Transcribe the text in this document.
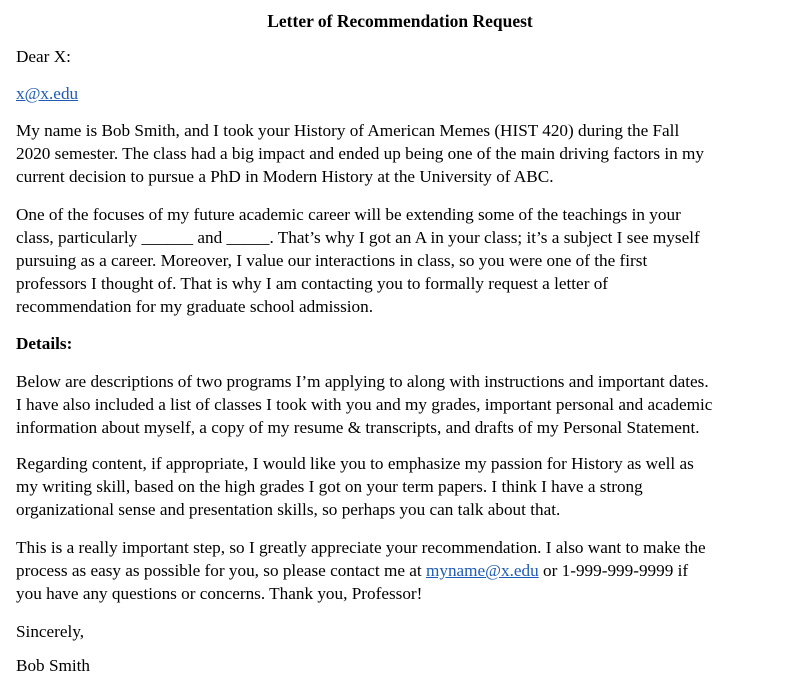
Letter of Recommendation Request

Dear X:

x@x.edu

My name is Bob Smith, and I took your History of American Memes (HIST 420) during the Fall
2020 semester. The class had a big impact and ended up being one of the main driving factors in my
current decision to pursue a PhD in Modern History at the University of ABC.

One of the focuses of my future academic career will be extending some of the teachings in your
class, particularly ______ and _____. That’s why I got an A in your class; it’s a subject I see myself
pursuing as a career. Moreover, I value our interactions in class, so you were one of the first
professors I thought of. That is why I am contacting you to formally request a letter of
recommendation for my graduate school admission.

Details:

Below are descriptions of two programs I’m applying to along with instructions and important dates.
I have also included a list of classes I took with you and my grades, important personal and academic
information about myself, a copy of my resume & transcripts, and drafts of my Personal Statement.

Regarding content, if appropriate, I would like you to emphasize my passion for History as well as
my writing skill, based on the high grades I got on your term papers. I think I have a strong
organizational sense and presentation skills, so perhaps you can talk about that.

This is a really important step, so I greatly appreciate your recommendation. I also want to make the
process as easy as possible for you, so please contact me at myname@x.edu or 1-999-999-9999 if
you have any questions or concerns. Thank you, Professor!

Sincerely,

Bob Smith
